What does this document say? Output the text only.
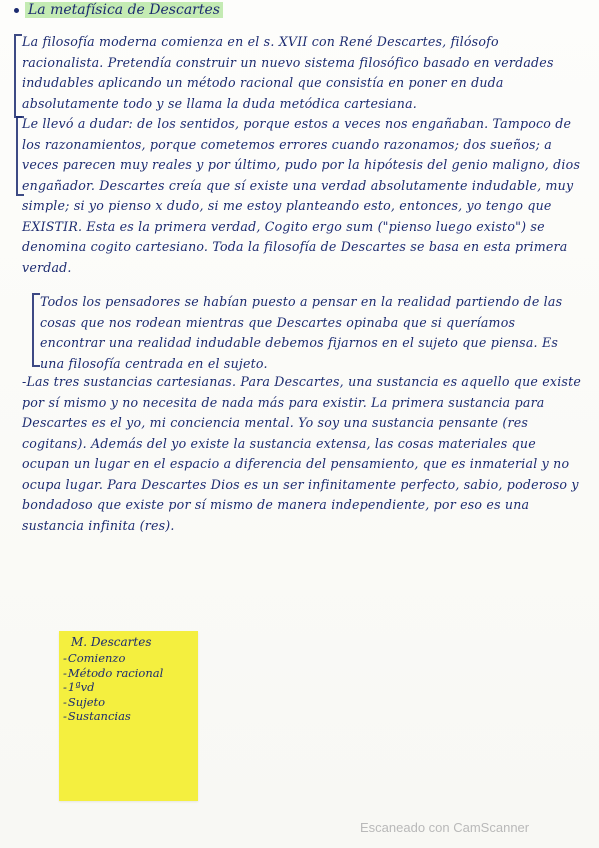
La metafísica de Descartes

La filosofía moderna comienza en el s. XVII con René Descartes, filósofo racionalista. Pretendía construir un nuevo sistema filosófico basado en verdades indudables aplicando un método racional que consistía en poner en duda absolutamente todo y se llama la duda metódica cartesiana.

Le llevó a dudar: de los sentidos, porque estos a veces nos engañaban. Tampoco de los razonamientos, porque cometemos errores cuando razonamos; dos sueños; a veces parecen muy reales y por último, pudo por la hipótesis del genio maligno, dios engañador. Descartes creía que sí existe una verdad absolutamente indudable, muy simple; si yo pienso x dudo, si me estoy planteando esto, entonces, yo tengo que EXISTIR. Esta es la primera verdad, Cogito ergo sum ("pienso luego existo") se denomina cogito cartesiano. Toda la filosofía de Descartes se basa en esta primera verdad.

Todos los pensadores se habían puesto a pensar en la realidad partiendo de las cosas que nos rodean mientras que Descartes opinaba que si queríamos encontrar una realidad indudable debemos fijarnos en el sujeto que piensa. Es una filosofía centrada en el sujeto.

-Las tres sustancias cartesianas. Para Descartes, una sustancia es aquello que existe por sí mismo y no necesita de nada más para existir. La primera sustancia para Descartes es el yo, mi conciencia mental. Yo soy una sustancia pensante (res cogitans). Además del yo existe la sustancia extensa, las cosas materiales que ocupan un lugar en el espacio a diferencia del pensamiento, que es inmaterial y no ocupa lugar. Para Descartes Dios es un ser infinitamente perfecto, sabio, poderoso y bondadoso que existe por sí mismo de manera independiente, por eso es una sustancia infinita (res).

M. Descartes
- Comienzo
- Método racional
- 1ªvd
- Sujeto
- Sustancias
Escaneado con CamScanner
